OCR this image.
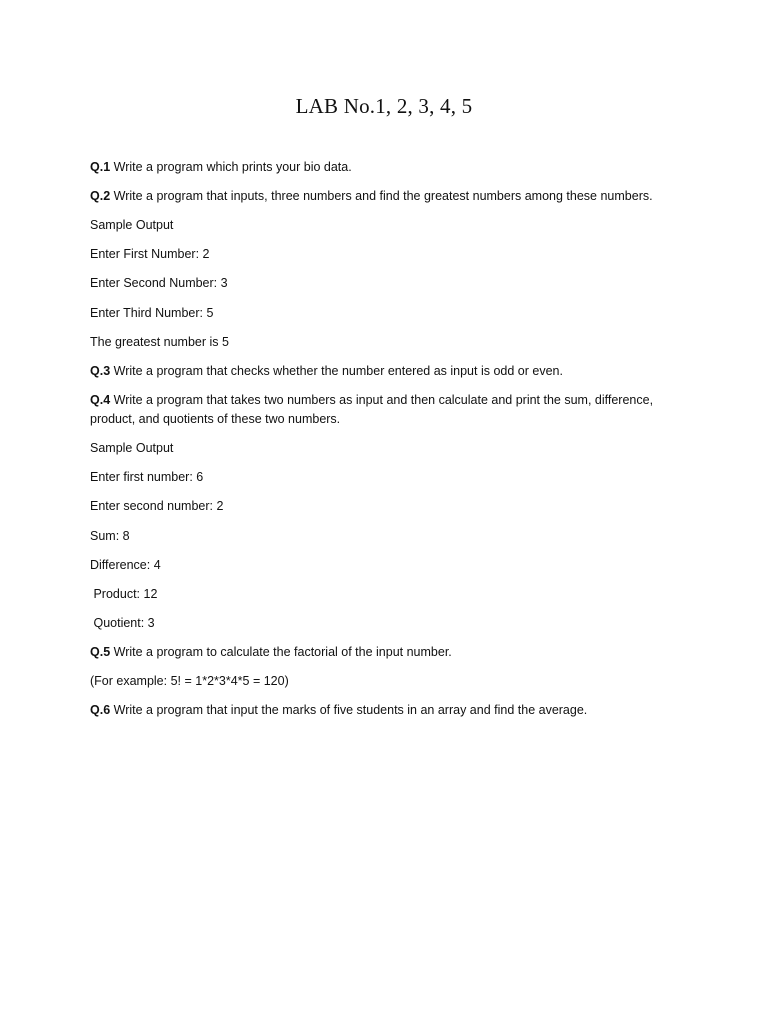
LAB No.1, 2, 3, 4, 5
Q.1 Write a program which prints your bio data.
Q.2 Write a program that inputs, three numbers and find the greatest numbers among these numbers.
Sample Output
Enter First Number: 2
Enter Second Number: 3
Enter Third Number: 5
The greatest number is 5
Q.3 Write a program that checks whether the number entered as input is odd or even.
Q.4 Write a program that takes two numbers as input and then calculate and print the sum, difference, product, and quotients of these two numbers.
Sample Output
Enter first number: 6
Enter second number: 2
Sum: 8
Difference: 4
Product: 12
Quotient: 3
Q.5 Write a program to calculate the factorial of the input number.
(For example: 5! = 1*2*3*4*5 = 120)
Q.6 Write a program that input the marks of five students in an array and find the average.
